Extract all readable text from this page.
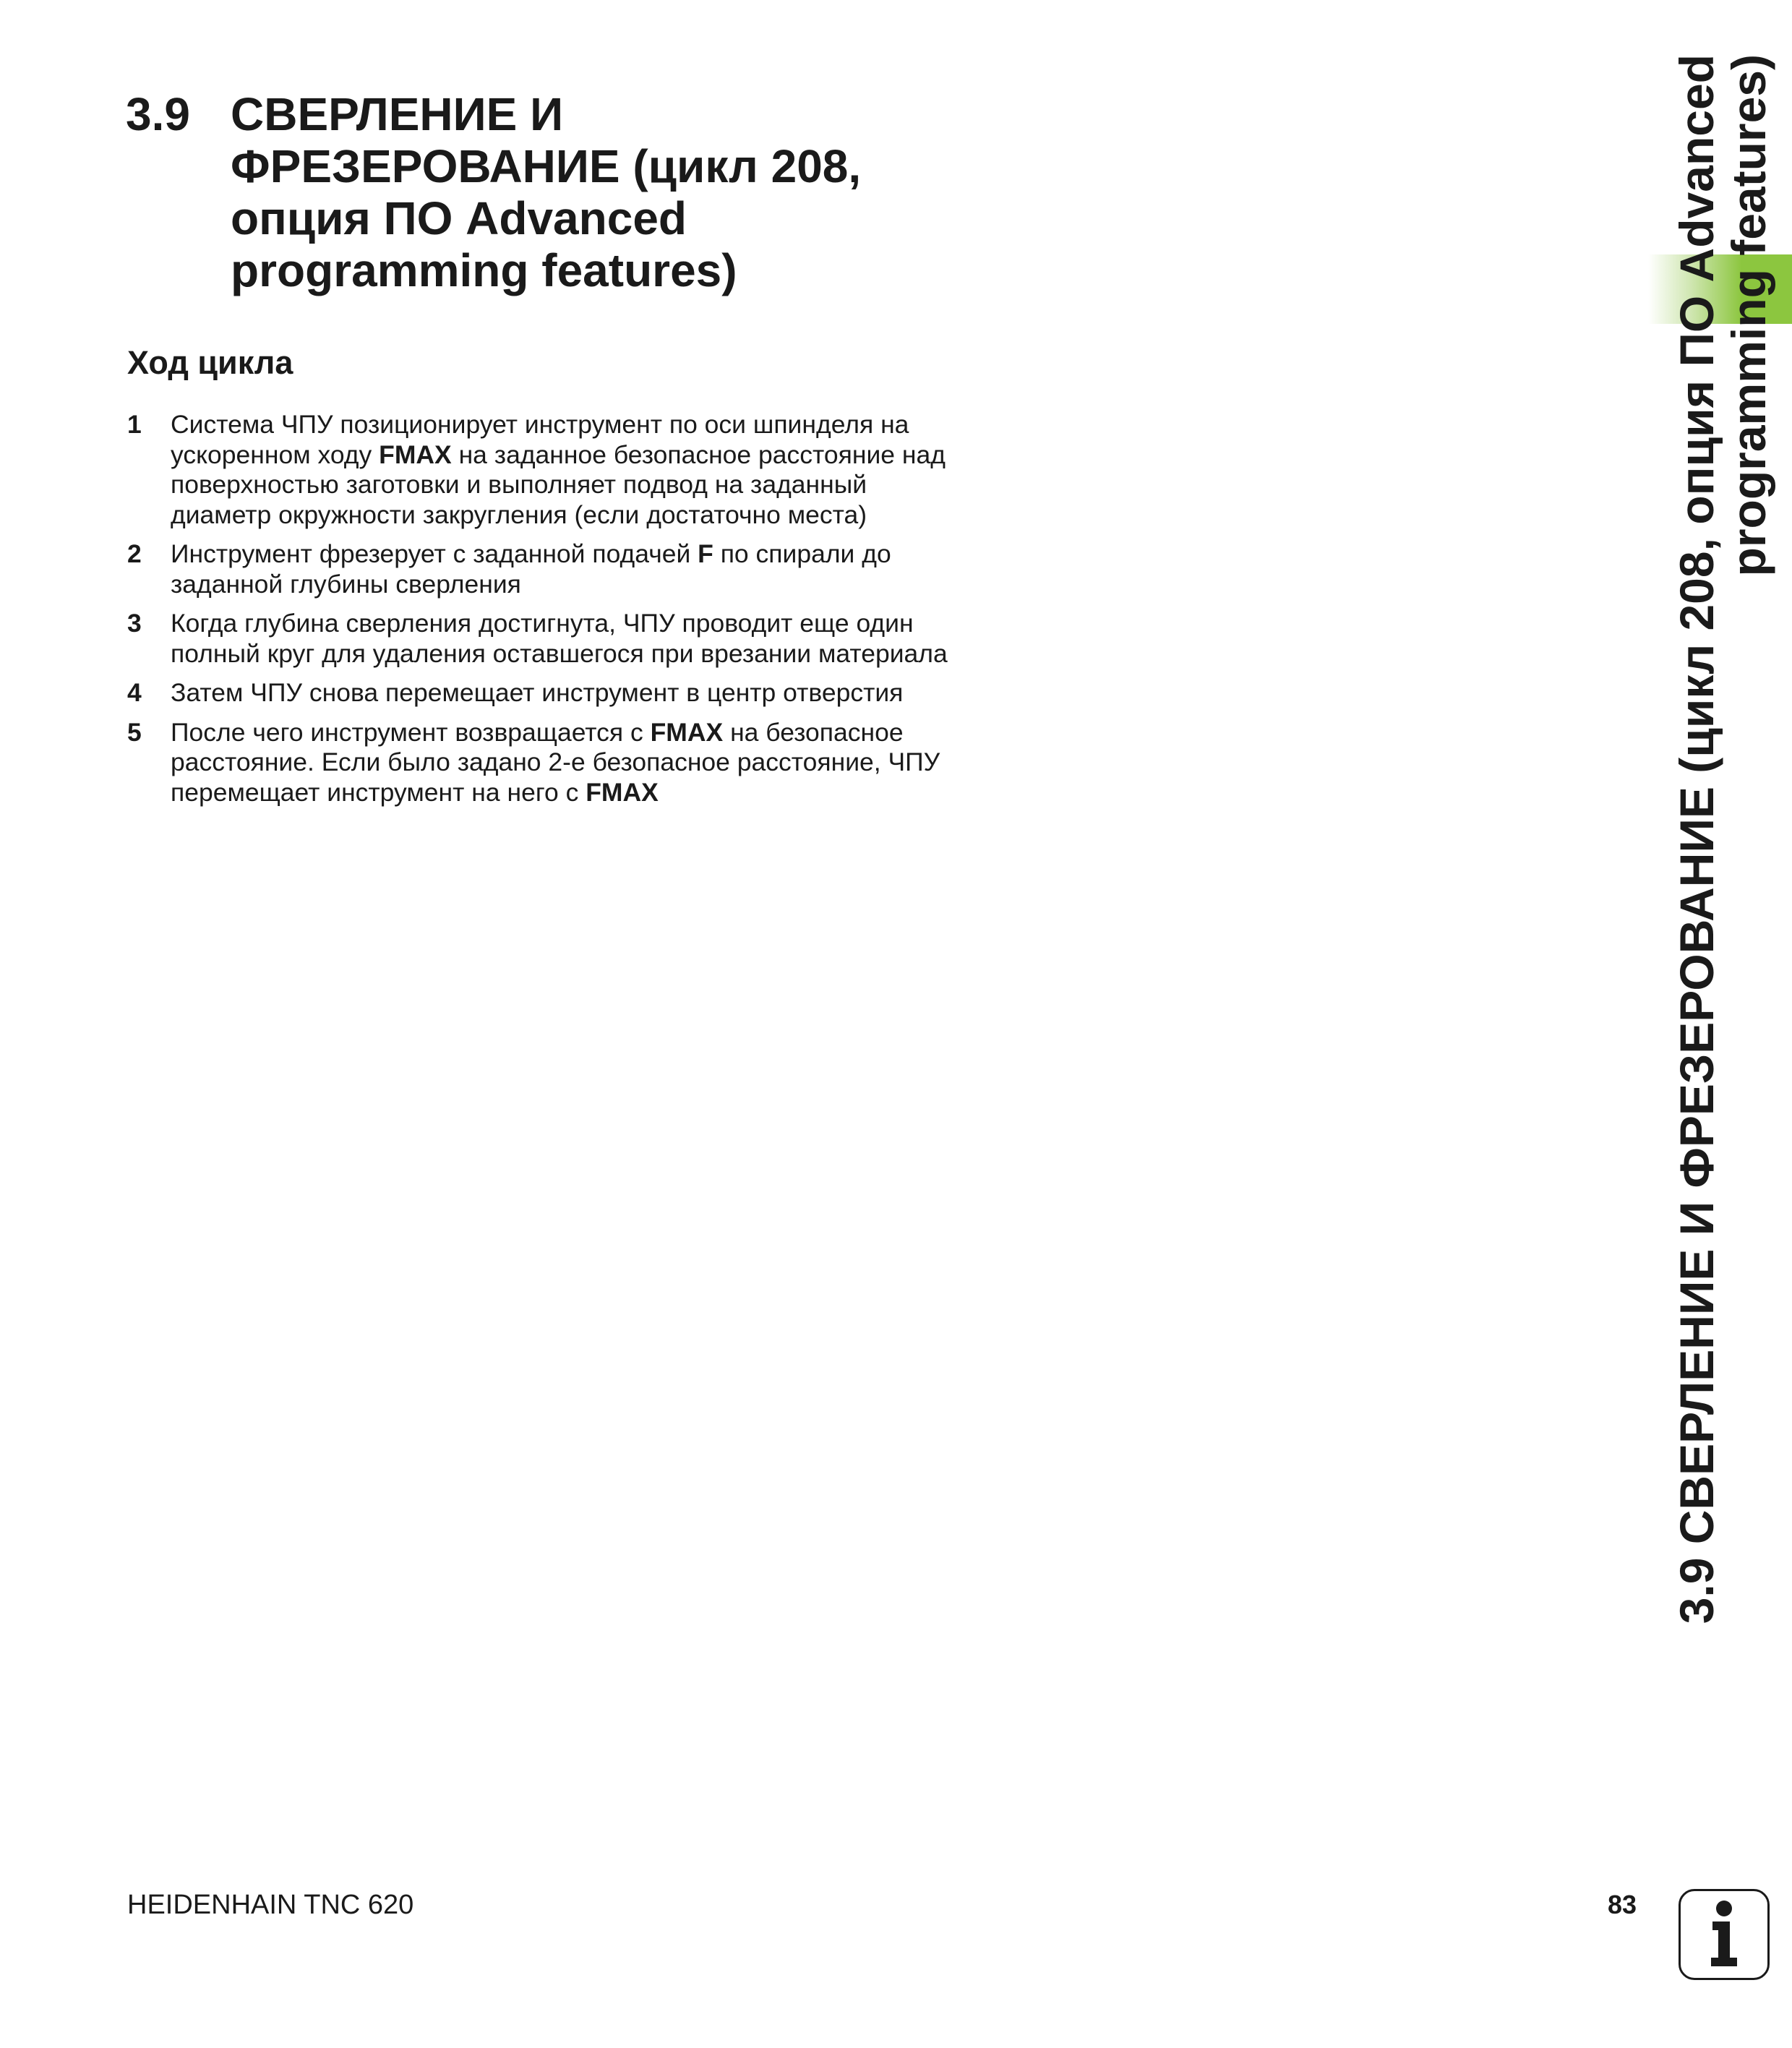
3.9 СВЕРЛЕНИЕ И
ФРЕЗЕРОВАНИЕ (цикл 208,
опция ПО Advanced
programming features)
Ход цикла
1 Система ЧПУ позиционирует инструмент по оси шпинделя на ускоренном ходу FMAX на заданное безопасное расстояние над поверхностью заготовки и выполняет подвод на заданный диаметр окружности закругления (если достаточно места)
2 Инструмент фрезерует с заданной подачей F по спирали до заданной глубины сверления
3 Когда глубина сверления достигнута, ЧПУ проводит еще один полный круг для удаления оставшегося при врезании материала
4 Затем ЧПУ снова перемещает инструмент в центр отверстия
5 После чего инструмент возвращается с FMAX на безопасное расстояние. Если было задано 2-е безопасное расстояние, ЧПУ перемещает инструмент на него с FMAX	3.9 СВЕРЛЕНИЕ И ФРЕЗЕРОВАНИЕ (цикл 208, опция ПО Advanced
programming features)
HEIDENHAIN TNC 620	83
